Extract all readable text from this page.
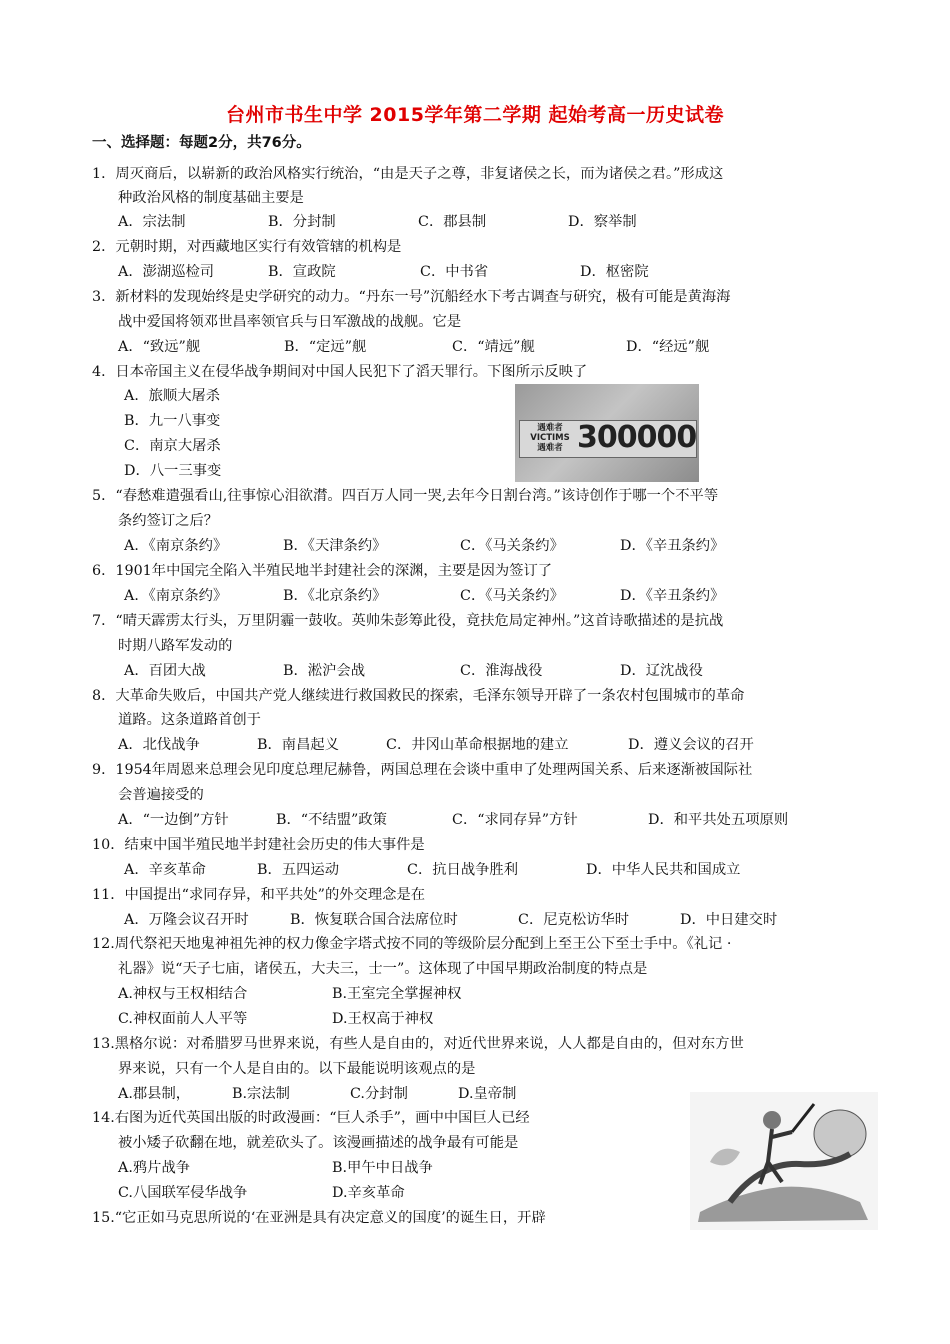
台州市书生中学 2015学年第二学期 起始考高一历史试卷
一、选择题：每题2分，共76分。
1．周灭商后，以崭新的政治风格实行统治，“由是天子之尊，非复诸侯之长，而为诸侯之君。”形成这
种政治风格的制度基础主要是
2．元朝时期，对西藏地区实行有效管辖的机构是
3．新材料的发现始终是史学研究的动力。“丹东一号”沉船经水下考古调查与研究，极有可能是黄海海
战中爱国将领邓世昌率领官兵与日军激战的战舰。它是
4．日本帝国主义在侵华战争期间对中国人民犯下了滔天罪行。下图所示反映了
5．“春愁难遣强看山,往事惊心泪欲潸。四百万人同一哭,去年今日割台湾。”该诗创作于哪一个不平等
条约签订之后？
6．1901年中国完全陷入半殖民地半封建社会的深渊，主要是因为签订了
7．“晴天霹雳太行头，万里阴霾一鼓收。英帅朱彭筹此役，竟扶危局定神州。”这首诗歌描述的是抗战
时期八路军发动的
8．大革命失败后，中国共产党人继续进行救国救民的探索，毛泽东领导开辟了一条农村包围城市的革命
道路。这条道路首创于
9．1954年周恩来总理会见印度总理尼赫鲁，两国总理在会谈中重申了处理两国关系、后来逐渐被国际社
会普遍接受的
10．结束中国半殖民地半封建社会历史的伟大事件是
11．中国提出“求同存异，和平共处”的外交理念是在
12.周代祭祀天地鬼神祖先神的权力像金字塔式按不同的等级阶层分配到上至王公下至士手中。《礼记 ·
礼器》说“天子七庙，诸侯五，大夫三，士一”。这体现了中国早期政治制度的特点是
13.黑格尔说：对希腊罗马世界来说，有些人是自由的，对近代世界来说，人人都是自由的，但对东方世
界来说，只有一个人是自由的。以下最能说明该观点的是
14.右图为近代英国出版的时政漫画：“巨人杀手”，画中中国巨人已经
被小矮子砍翻在地，就差砍头了。该漫画描述的战争最有可能是
15.“它正如马克思所说的‘在亚洲是具有决定意义的国度’的诞生日，开辟
A．宗法制	B．分封制	C．郡县制	D．察举制
A．澎湖巡检司	B．宣政院	C．中书省	D．枢密院
A．“致远”舰	B．“定远”舰	C．“靖远”舰	D．“经远”舰
A．旅顺大屠杀
B．九一八事变
C．南京大屠杀
D．八一三事变
A．《南京条约》	B．《天津条约》	C．《马关条约》	D．《辛丑条约》
A．《南京条约》	B．《北京条约》	C．《马关条约》	D．《辛丑条约》
A．百团大战	B．淞沪会战	C．淮海战役	D．辽沈战役
A．北伐战争	B．南昌起义	C．井冈山革命根据地的建立	D．遵义会议的召开
A．“一边倒”方针	B．“不结盟”政策	C．“求同存异”方针	D．和平共处五项原则
A．辛亥革命	B．五四运动	C．抗日战争胜利	D．中华人民共和国成立
A．万隆会议召开时	B．恢复联合国合法席位时	C．尼克松访华时	D．中日建交时
A.神权与王权相结合	B.王室完全掌握神权
C.神权面前人人平等	D.王权高于神权
A.郡县制，	B.宗法制	C.分封制	D.皇帝制
A.鸦片战争	B.甲午中日战争
C.八国联军侵华战争	D.辛亥革命
遇难者
VICTIMS
遇难者 300000
